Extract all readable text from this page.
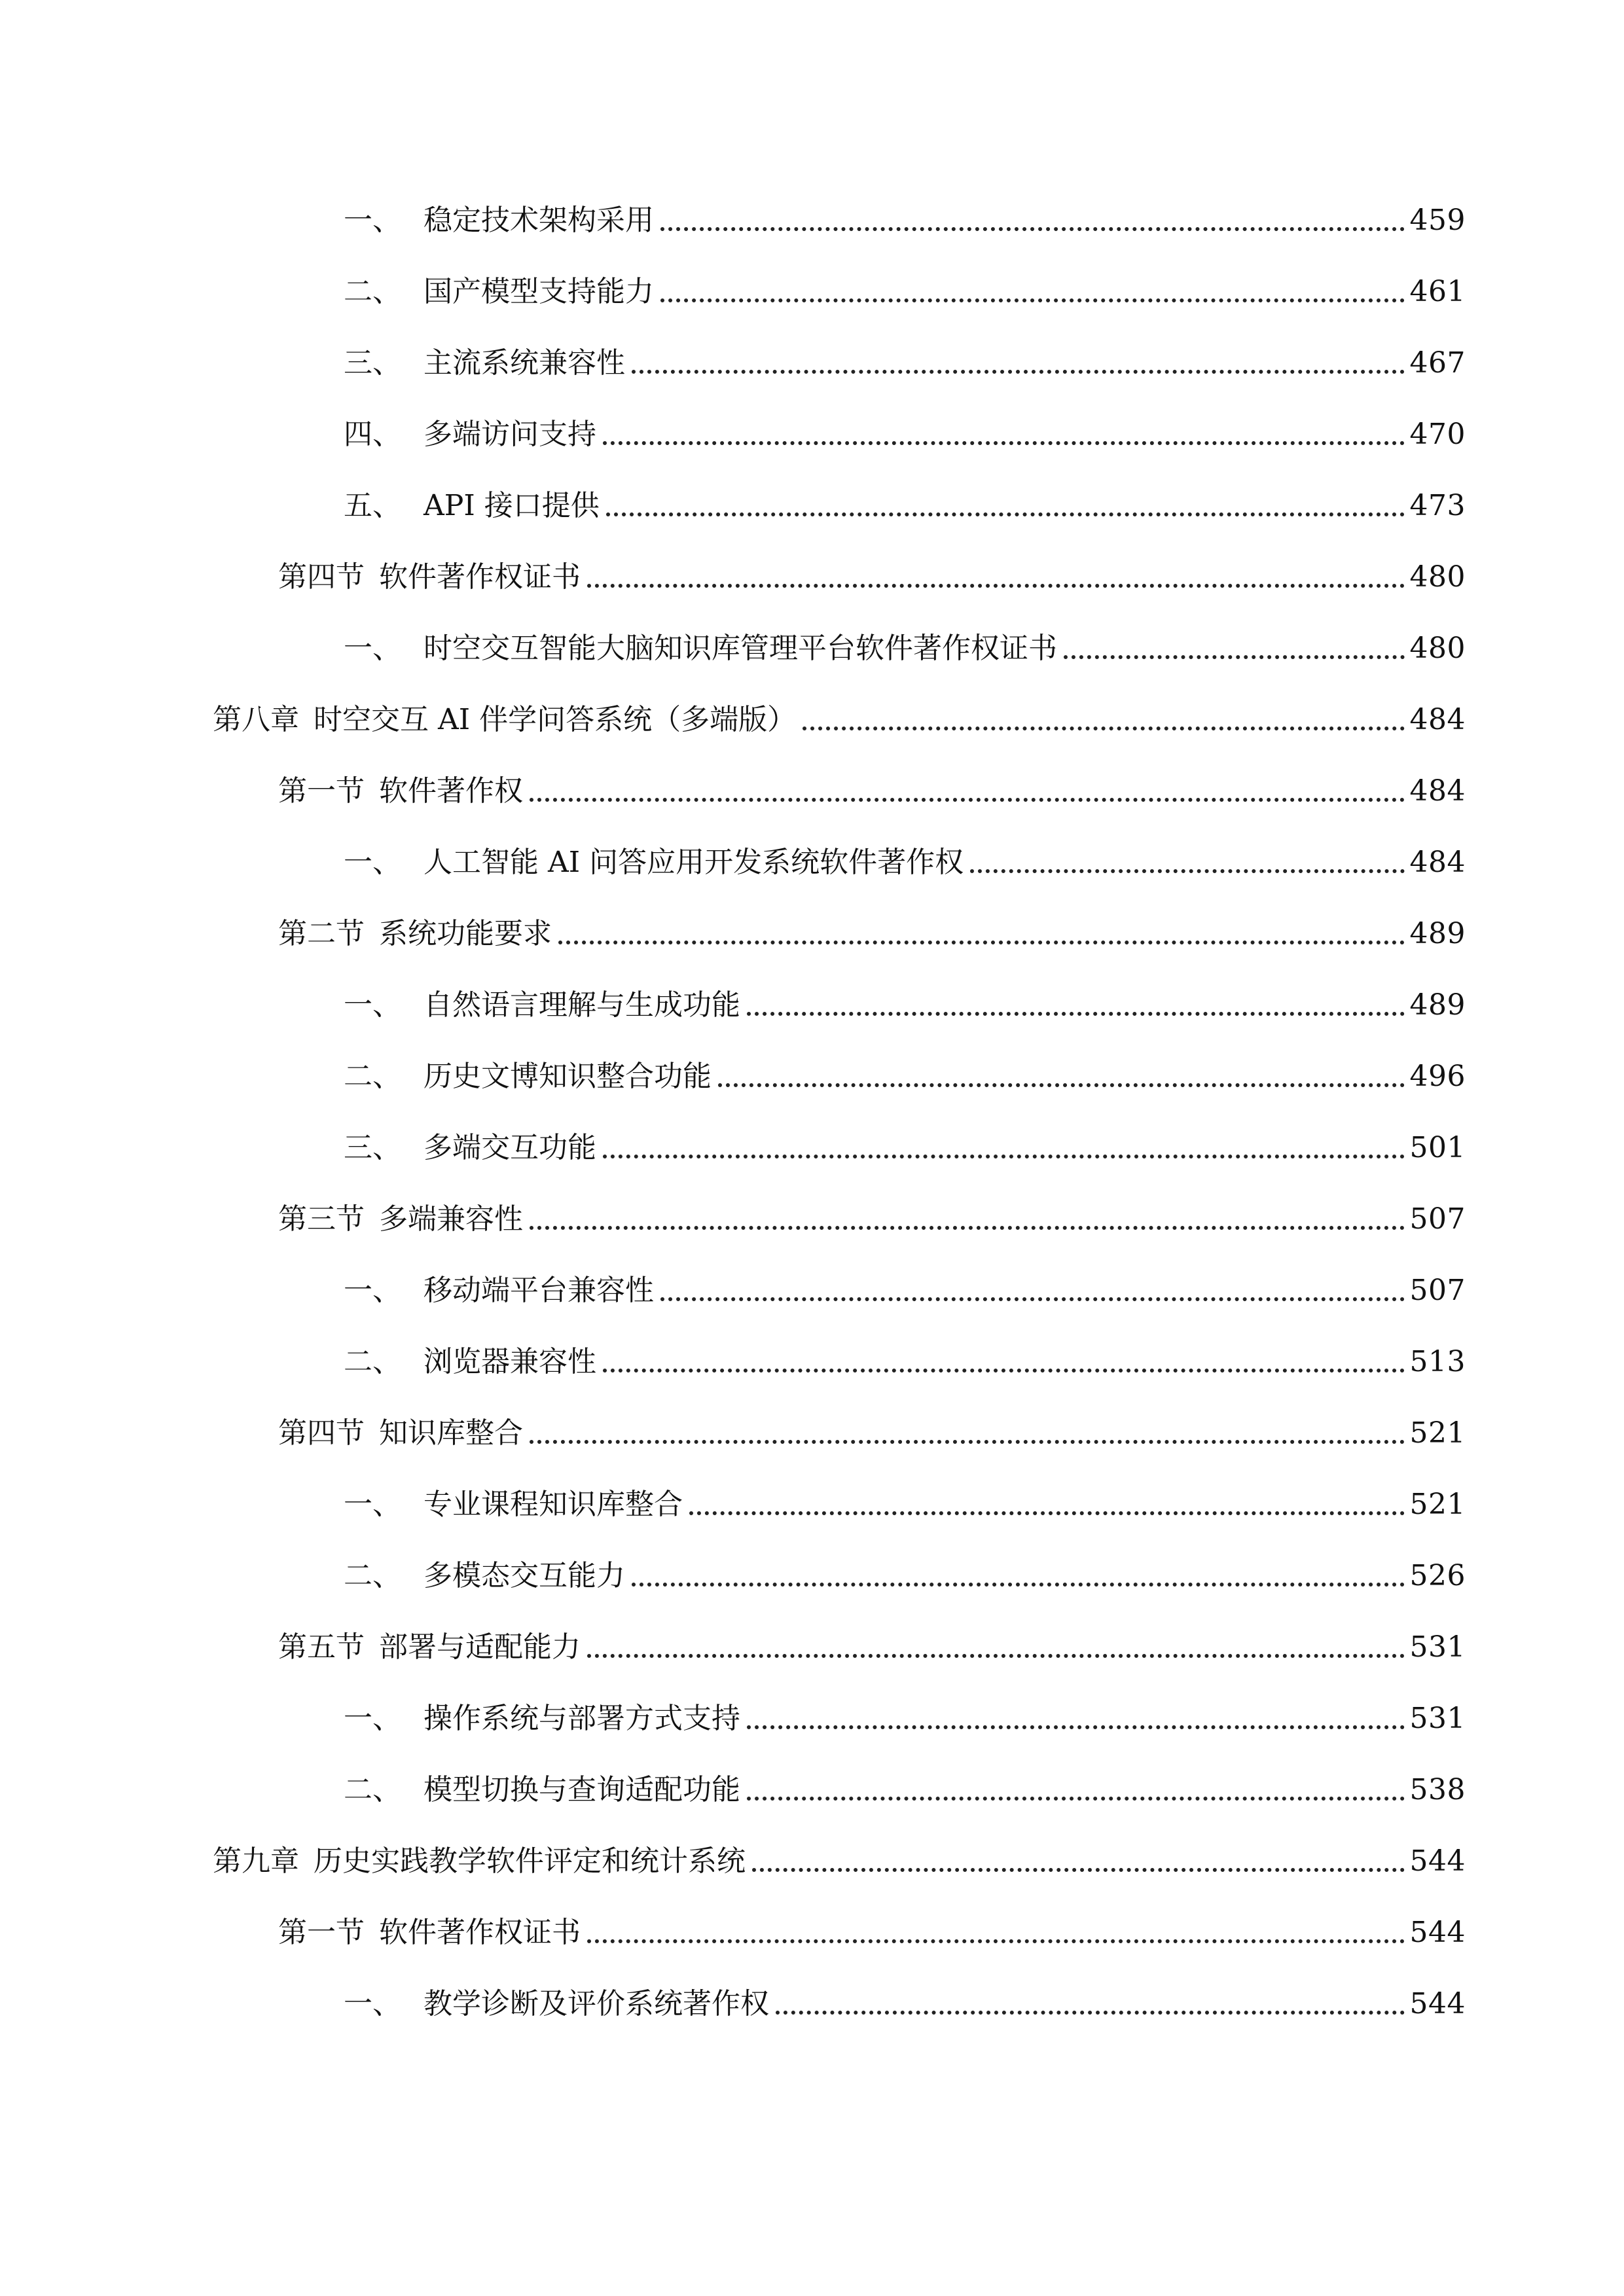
一、 稳定技术架构采用	459
二、 国产模型支持能力	461
三、 主流系统兼容性	467
四、 多端访问支持	470
五、 API 接口提供	473
第四节 软件著作权证书	480
一、 时空交互智能大脑知识库管理平台软件著作权证书	480
第八章 时空交互 AI 伴学问答系统（多端版）	484
第一节 软件著作权	484
一、 人工智能 AI 问答应用开发系统软件著作权	484
第二节 系统功能要求	489
一、 自然语言理解与生成功能	489
二、 历史文博知识整合功能	496
三、 多端交互功能	501
第三节 多端兼容性	507
一、 移动端平台兼容性	507
二、 浏览器兼容性	513
第四节 知识库整合	521
一、 专业课程知识库整合	521
二、 多模态交互能力	526
第五节 部署与适配能力	531
一、 操作系统与部署方式支持	531
二、 模型切换与查询适配功能	538
第九章 历史实践教学软件评定和统计系统	544
第一节 软件著作权证书	544
一、 教学诊断及评价系统著作权	544
